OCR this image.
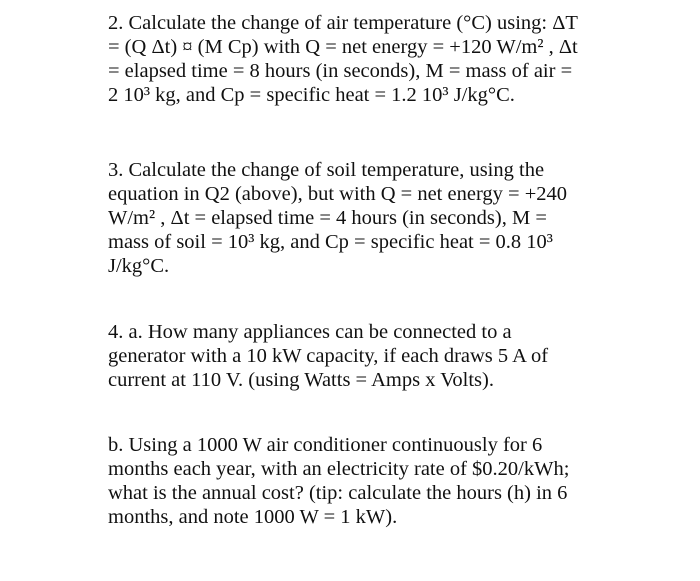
2. Calculate the change of air temperature (°C) using: ΔT
= (Q Δt) ¤ (M Cp) with Q = net energy = +120 W/m² , Δt
= elapsed time = 8 hours (in seconds), M = mass of air =
2 10³ kg, and Cp = specific heat = 1.2 10³ J/kg°C.
3. Calculate the change of soil temperature, using the
equation in Q2 (above), but with Q = net energy = +240
W/m² , Δt = elapsed time = 4 hours (in seconds), M =
mass of soil = 10³ kg, and Cp = specific heat = 0.8 10³
J/kg°C.
4. a. How many appliances can be connected to a
generator with a 10 kW capacity, if each draws 5 A of
current at 110 V. (using Watts = Amps x Volts).
b. Using a 1000 W air conditioner continuously for 6
months each year, with an electricity rate of $0.20/kWh;
what is the annual cost? (tip: calculate the hours (h) in 6
months, and note 1000 W = 1 kW).
